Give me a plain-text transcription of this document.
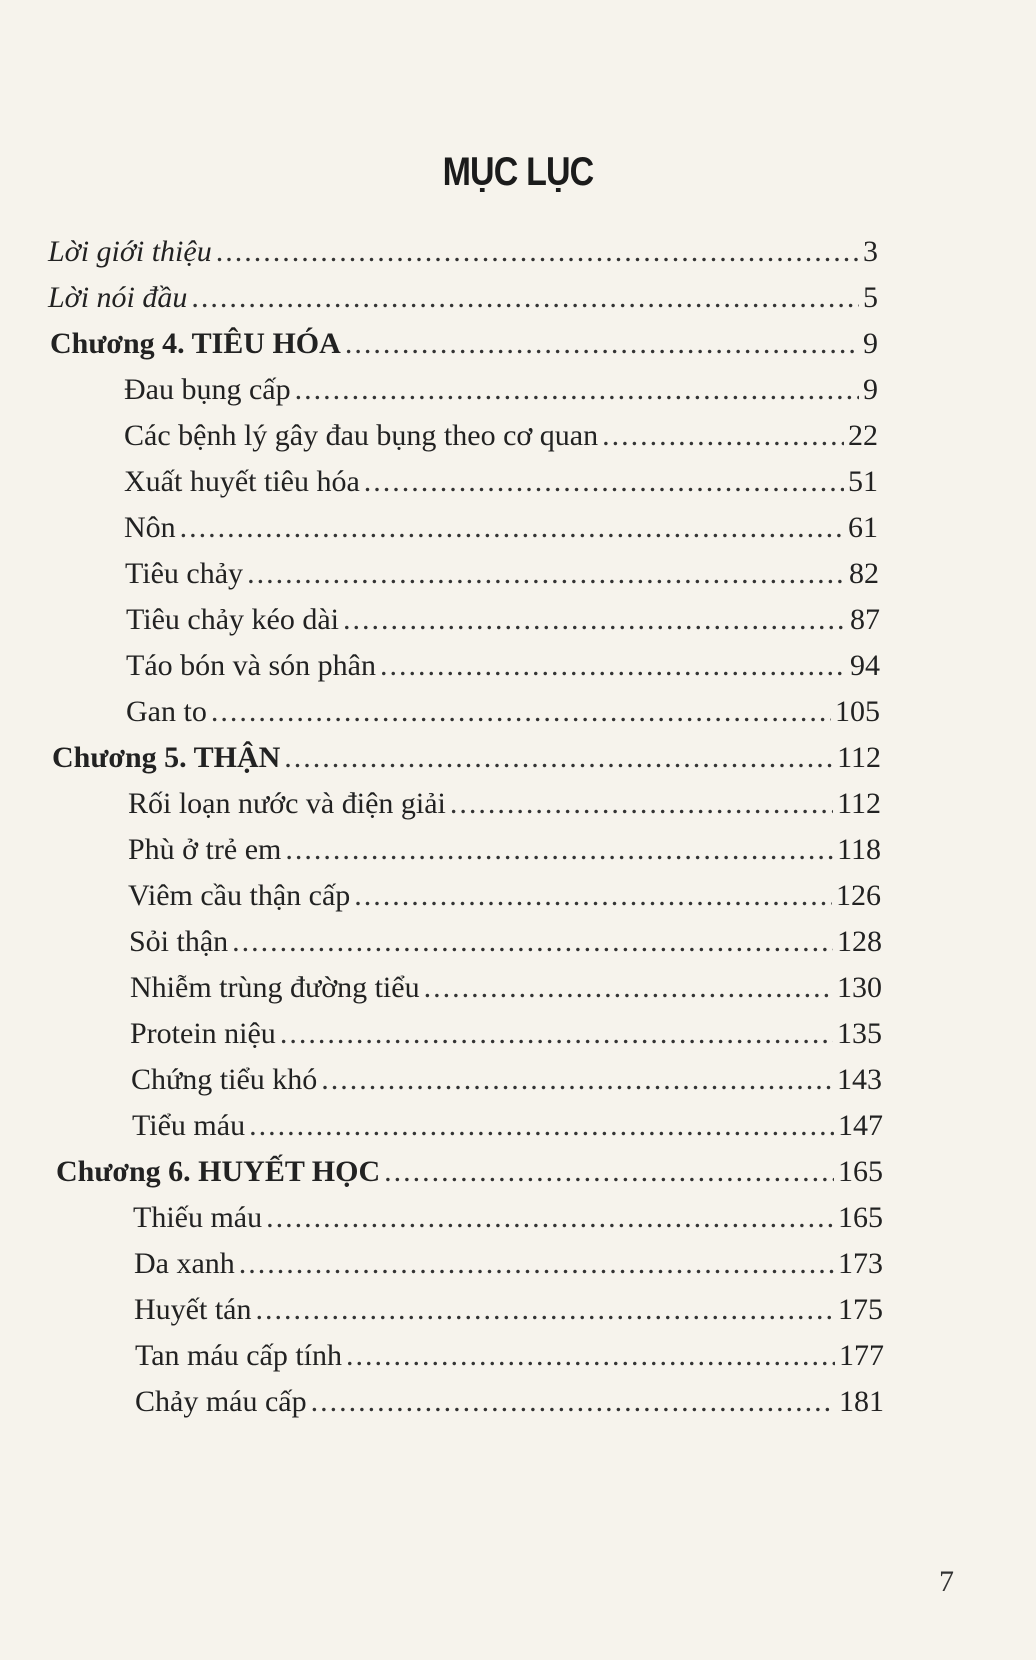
MỤC LỤC
Lời giới thiệu .....	3
Lời nói đầu .....	5
Chương 4. TIÊU HÓA .....	9
Đau bụng cấp .....	9
Các bệnh lý gây đau bụng theo cơ quan .....	22
Xuất huyết tiêu hóa .....	51
Nôn .....	61
Tiêu chảy .....	82
Tiêu chảy kéo dài .....	87
Táo bón và són phân .....	94
Gan to .....	105
Chương 5. THẬN .....	112
Rối loạn nước và điện giải .....	112
Phù ở trẻ em .....	118
Viêm cầu thận cấp .....	126
Sỏi thận .....	128
Nhiễm trùng đường tiểu .....	130
Protein niệu .....	135
Chứng tiểu khó .....	143
Tiểu máu .....	147
Chương 6. HUYẾT HỌC .....	165
Thiếu máu .....	165
Da xanh .....	173
Huyết tán .....	175
Tan máu cấp tính .....	177
Chảy máu cấp .....	181
7
